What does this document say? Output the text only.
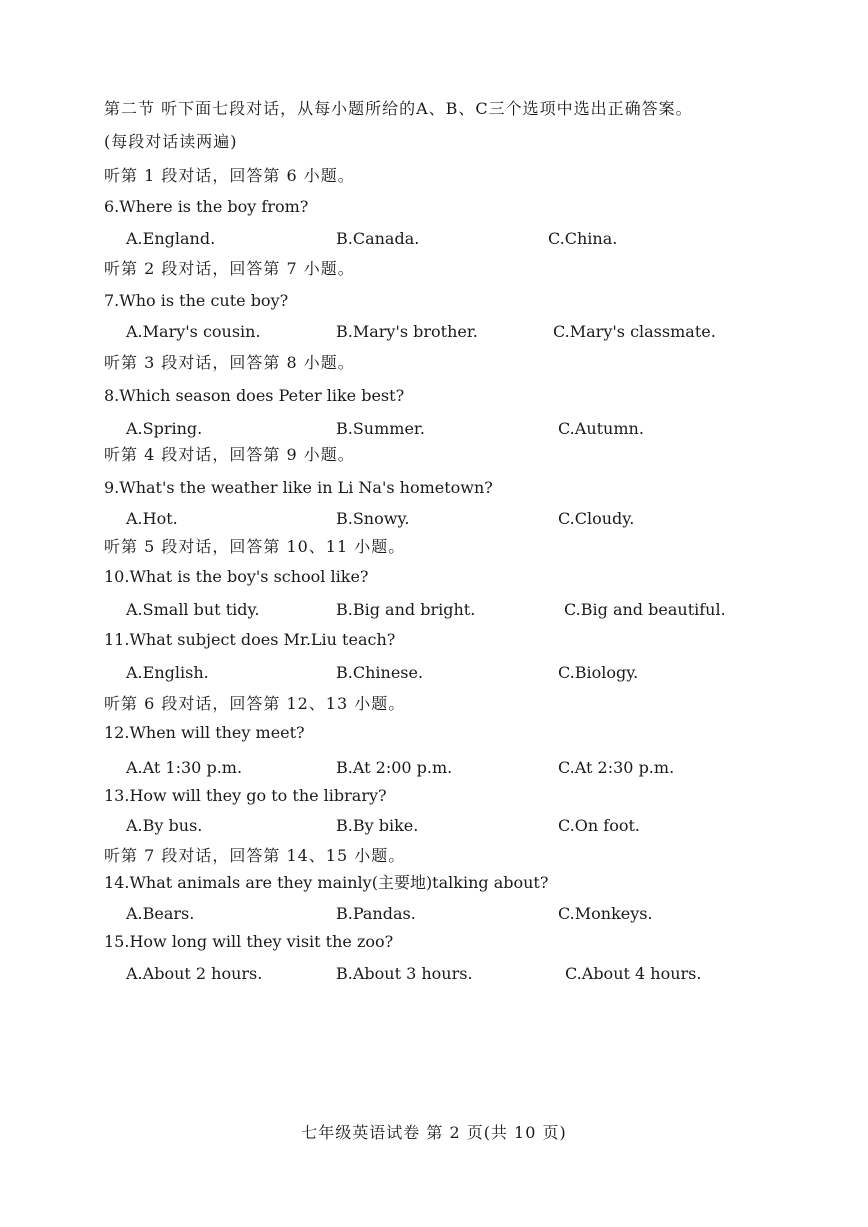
第二节 听下面七段对话，从每小题所给的A、B、C三个选项中选出正确答案。
(每段对话读两遍)
听第 1 段对话，回答第 6 小题。
6.Where is the boy from?
A.England.	B.Canada.	C.China.
听第 2 段对话，回答第 7 小题。
7.Who is the cute boy?
A.Mary's cousin.	B.Mary's brother.	C.Mary's classmate.
听第 3 段对话，回答第 8 小题。
8.Which season does Peter like best?
A.Spring.	B.Summer.	C.Autumn.
听第 4 段对话，回答第 9 小题。
9.What's the weather like in Li Na's hometown?
A.Hot.	B.Snowy.	C.Cloudy.
听第 5 段对话，回答第 10、11 小题。
10.What is the boy's school like?
A.Small but tidy.	B.Big and bright.	C.Big and beautiful.
11.What subject does Mr.Liu teach?
A.English.	B.Chinese.	C.Biology.
听第 6 段对话，回答第 12、13 小题。
12.When will they meet?
A.At 1:30 p.m.	B.At 2:00 p.m.	C.At 2:30 p.m.
13.How will they go to the library?
A.By bus.	B.By bike.	C.On foot.
听第 7 段对话，回答第 14、15 小题。
14.What animals are they mainly(主要地)talking about?
A.Bears.	B.Pandas.	C.Monkeys.
15.How long will they visit the zoo?
A.About 2 hours.	B.About 3 hours.	C.About 4 hours.
七年级英语试卷 第 2 页(共 10 页)
